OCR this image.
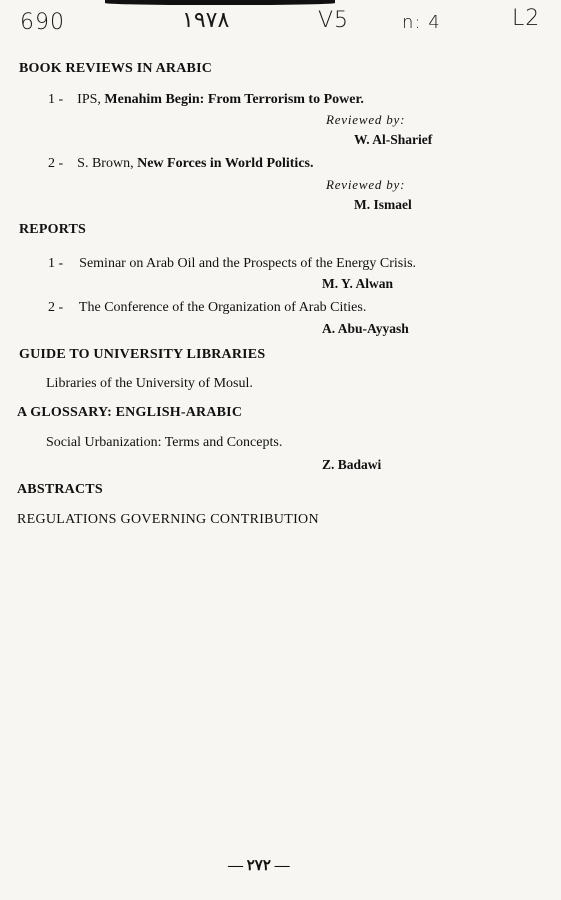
690	١٩٧٨	V5	n: 4	L2
BOOK REVIEWS IN ARABIC
1 - IPS, Menahim Begin: From Terrorism to Power.
Reviewed by:
W. Al-Sharief
2 - S. Brown, New Forces in World Politics.
Reviewed by:
M. Ismael
REPORTS
1 - Seminar on Arab Oil and the Prospects of the Energy Crisis.
M. Y. Alwan
2 - The Conference of the Organization of Arab Cities.
A. Abu-Ayyash
GUIDE TO UNIVERSITY LIBRARIES
Libraries of the University of Mosul.
A GLOSSARY: ENGLISH-ARABIC
Social Urbanization: Terms and Concepts.
Z. Badawi
ABSTRACTS
REGULATIONS GOVERNING CONTRIBUTION
— ٢٧٢ —
